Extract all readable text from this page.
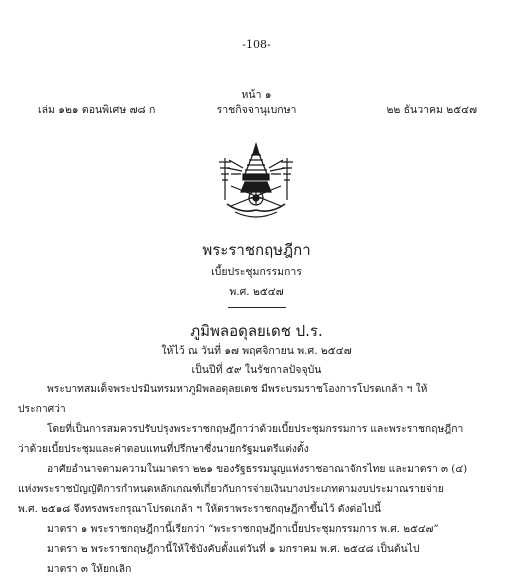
-108-
หน้า ๑
เล่ม ๑๒๑ ตอนพิเศษ ๗๘ ก	ราชกิจจานุเบกษา	๒๒ ธันวาคม ๒๕๔๗
พระราชกฤษฎีกา
เบี้ยประชุมกรรมการ
พ.ศ. ๒๕๔๗
ภูมิพลอดุลยเดช ป.ร.
ให้ไว้ ณ วันที่ ๑๗ พฤศจิกายน พ.ศ. ๒๕๔๗
เป็นปีที่ ๕๙ ในรัชกาลปัจจุบัน
พระบาทสมเด็จพระปรมินทรมหาภูมิพลอดุลยเดช มีพระบรมราชโองการโปรดเกล้า ฯ ให้
ประกาศว่า
โดยที่เป็นการสมควรปรับปรุงพระราชกฤษฎีกาว่าด้วยเบี้ยประชุมกรรมการ และพระราชกฤษฎีกา
ว่าด้วยเบี้ยประชุมและค่าตอบแทนที่ปรึกษาซึ่งนายกรัฐมนตรีแต่งตั้ง
อาศัยอำนาจตามความในมาตรา ๒๒๑ ของรัฐธรรมนูญแห่งราชอาณาจักรไทย และมาตรา ๓ (๔)
แห่งพระราชบัญญัติการกำหนดหลักเกณฑ์เกี่ยวกับการจ่ายเงินบางประเภทตามงบประมาณรายจ่าย
พ.ศ. ๒๕๑๘ จึงทรงพระกรุณาโปรดเกล้า ฯ ให้ตราพระราชกฤษฎีกาขึ้นไว้ ดังต่อไปนี้
มาตรา ๑ พระราชกฤษฎีกานี้เรียกว่า “พระราชกฤษฎีกาเบี้ยประชุมกรรมการ พ.ศ. ๒๕๔๗”
มาตรา ๒ พระราชกฤษฎีกานี้ให้ใช้บังคับตั้งแต่วันที่ ๑ มกราคม พ.ศ. ๒๕๔๘ เป็นต้นไป
มาตรา ๓ ให้ยกเลิก
